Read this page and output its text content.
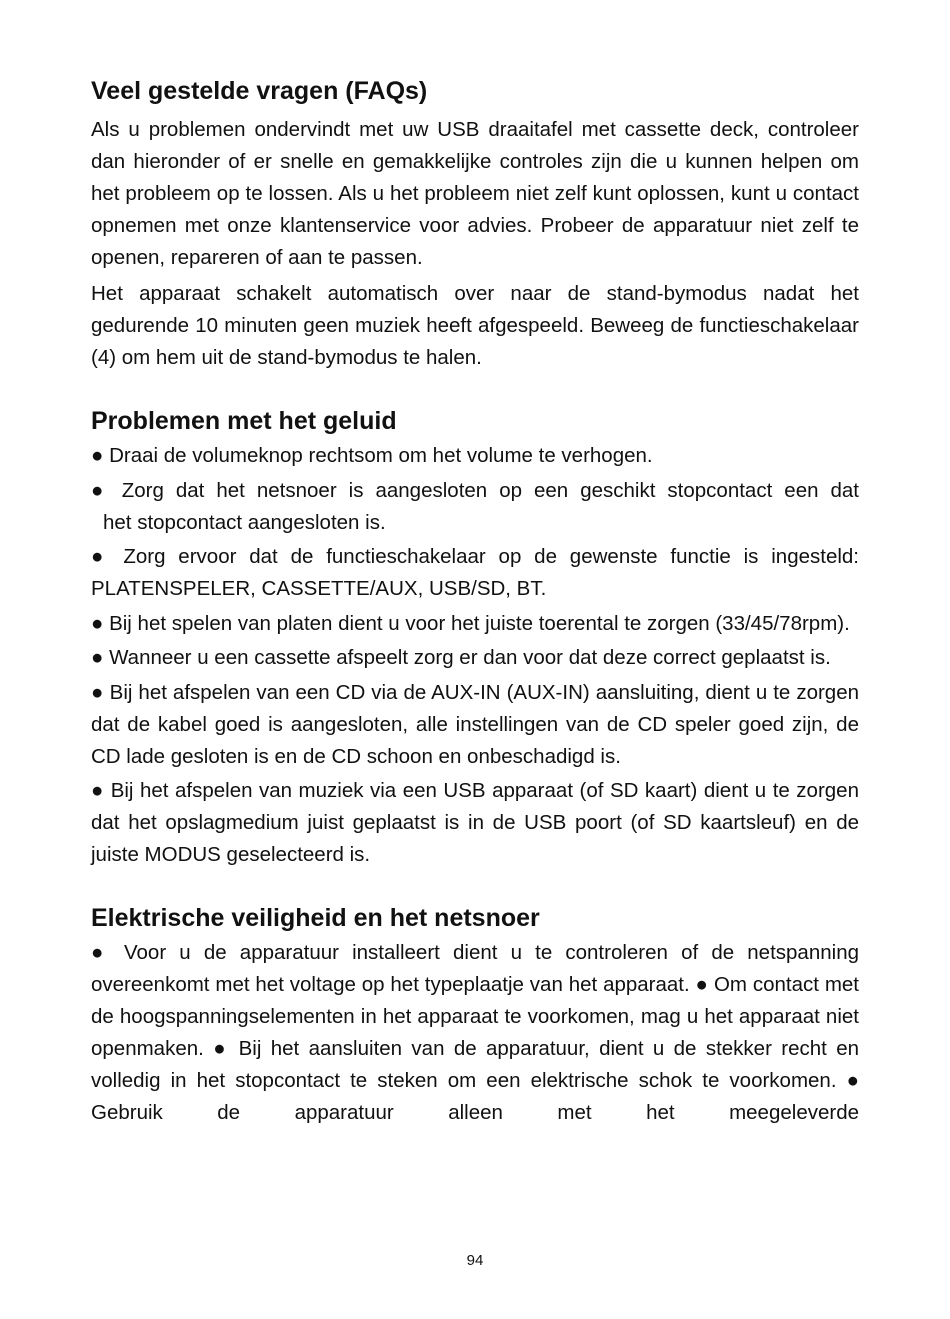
Veel gestelde vragen (FAQs)

Als u problemen ondervindt met uw USB draaitafel met cassette deck, controleer dan hieronder of er snelle en gemakkelijke controles zijn die u kunnen helpen om het probleem op te lossen. Als u het probleem niet zelf kunt oplossen, kunt u contact opnemen met onze klantenservice voor advies. Probeer de apparatuur niet zelf te openen, repareren of aan te passen.

Het apparaat schakelt automatisch over naar de stand-bymodus nadat het gedurende 10 minuten geen muziek heeft afgespeeld. Beweeg de functieschakelaar (4) om hem uit de stand-bymodus te halen.

Problemen met het geluid

● Draai de volumeknop rechtsom om het volume te verhogen.

● Zorg dat het netsnoer is aangesloten op een geschikt stopcontact een dat

het stopcontact aangesloten is.

● Zorg ervoor dat de functieschakelaar op de gewenste functie is ingesteld: PLATENSPELER, CASSETTE/AUX, USB/SD, BT.

● Bij het spelen van platen dient u voor het juiste toerental te zorgen (33/45/78rpm).

● Wanneer u een cassette afspeelt zorg er dan voor dat deze correct geplaatst is.

● Bij het afspelen van een CD via de AUX-IN (AUX-IN) aansluiting, dient u te zorgen dat de kabel goed is aangesloten, alle instellingen van de CD speler goed zijn, de CD lade gesloten is en de CD schoon en onbeschadigd is.

● Bij het afspelen van muziek via een USB apparaat (of SD kaart) dient u te zorgen dat het opslagmedium juist geplaatst is in de USB poort (of SD kaartsleuf) en de juiste MODUS geselecteerd is.

Elektrische veiligheid en het netsnoer

● Voor u de apparatuur installeert dient u te controleren of de netspanning overeenkomt met het voltage op het typeplaatje van het apparaat. ● Om contact met de hoogspanningselementen in het apparaat te voorkomen, mag u het apparaat niet openmaken. ● Bij het aansluiten van de apparatuur, dient u de stekker recht en volledig in het stopcontact te steken om een elektrische schok te voorkomen. ● Gebruik de apparatuur alleen met het meegeleverde

94
